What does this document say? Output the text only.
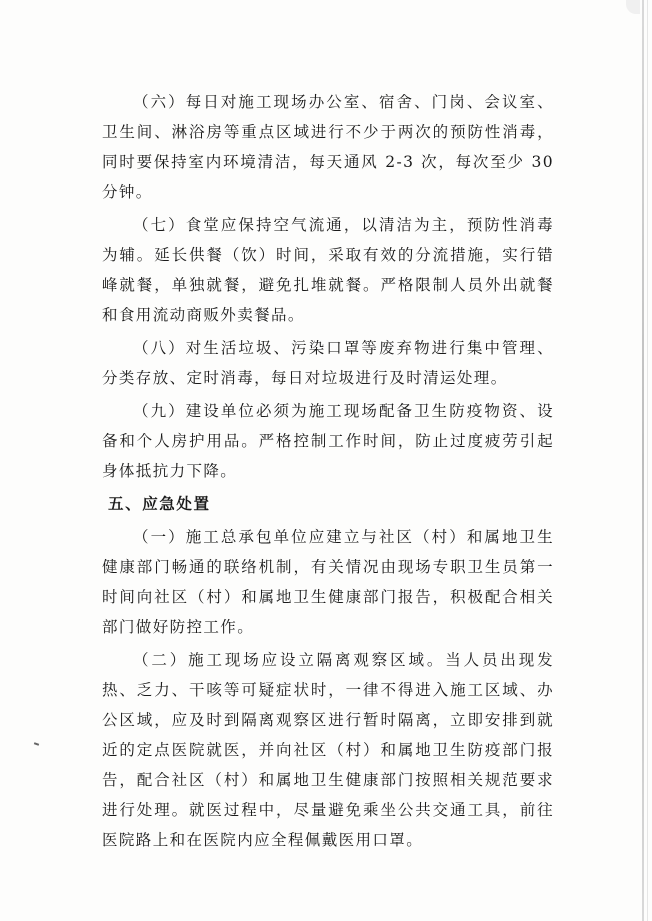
（六）每日对施工现场办公室、宿舍、门岗、会议室、卫生间、淋浴房等重点区域进行不少于两次的预防性消毒，同时要保持室内环境清洁，每天通风 2-3 次，每次至少 30 分钟。

（七）食堂应保持空气流通，以清洁为主，预防性消毒为辅。延长供餐（饮）时间，采取有效的分流措施，实行错峰就餐，单独就餐，避免扎堆就餐。严格限制人员外出就餐和食用流动商贩外卖餐品。

（八）对生活垃圾、污染口罩等废弃物进行集中管理、分类存放、定时消毒，每日对垃圾进行及时清运处理。

（九）建设单位必须为施工现场配备卫生防疫物资、设备和个人房护用品。严格控制工作时间，防止过度疲劳引起身体抵抗力下降。

五、应急处置

（一）施工总承包单位应建立与社区（村）和属地卫生健康部门畅通的联络机制，有关情况由现场专职卫生员第一时间向社区（村）和属地卫生健康部门报告，积极配合相关部门做好防控工作。

（二）施工现场应设立隔离观察区域。当人员出现发热、乏力、干咳等可疑症状时，一律不得进入施工区域、办公区域，应及时到隔离观察区进行暂时隔离，立即安排到就近的定点医院就医，并向社区（村）和属地卫生防疫部门报告，配合社区（村）和属地卫生健康部门按照相关规范要求进行处理。就医过程中，尽量避免乘坐公共交通工具，前往医院路上和在医院内应全程佩戴医用口罩。
